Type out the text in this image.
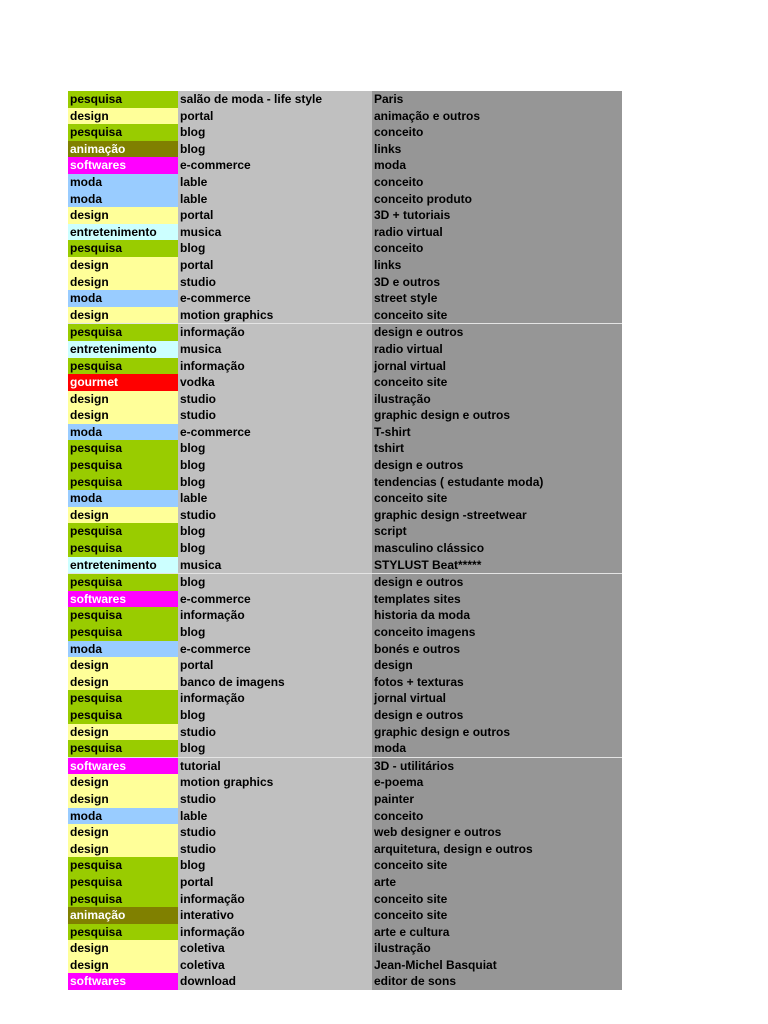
pesquisa	salão de moda - life style	Paris
design	portal	animação e outros
pesquisa	blog	conceito
animação	blog	links
softwares	e-commerce	moda
moda	lable	conceito
moda	lable	conceito produto
design	portal	3D + tutoriais
entretenimento	musica	radio virtual
pesquisa	blog	conceito
design	portal	links
design	studio	3D e outros
moda	e-commerce	street style
design	motion graphics	conceito site
pesquisa	informação	design e outros
entretenimento	musica	radio virtual
pesquisa	informação	jornal virtual
gourmet	vodka	conceito site
design	studio	ilustração
design	studio	graphic design e outros
moda	e-commerce	T-shirt
pesquisa	blog	tshirt
pesquisa	blog	design e outros
pesquisa	blog	tendencias ( estudante moda)
moda	lable	conceito site
design	studio	graphic design -streetwear
pesquisa	blog	script
pesquisa	blog	masculino clássico
entretenimento	musica	STYLUST Beat*****
pesquisa	blog	design e outros
softwares	e-commerce	templates sites
pesquisa	informação	historia da moda
pesquisa	blog	conceito imagens
moda	e-commerce	bonés e outros
design	portal	design
design	banco de imagens	fotos + texturas
pesquisa	informação	jornal virtual
pesquisa	blog	design e outros
design	studio	graphic design e outros
pesquisa	blog	moda
softwares	tutorial	3D - utilitários
design	motion graphics	e-poema
design	studio	painter
moda	lable	conceito
design	studio	web designer e outros
design	studio	arquitetura, design e outros
pesquisa	blog	conceito site
pesquisa	portal	arte
pesquisa	informação	conceito site
animação	interativo	conceito site
pesquisa	informação	arte e cultura
design	coletiva	ilustração
design	coletiva	Jean-Michel Basquiat
softwares	download	editor de sons
